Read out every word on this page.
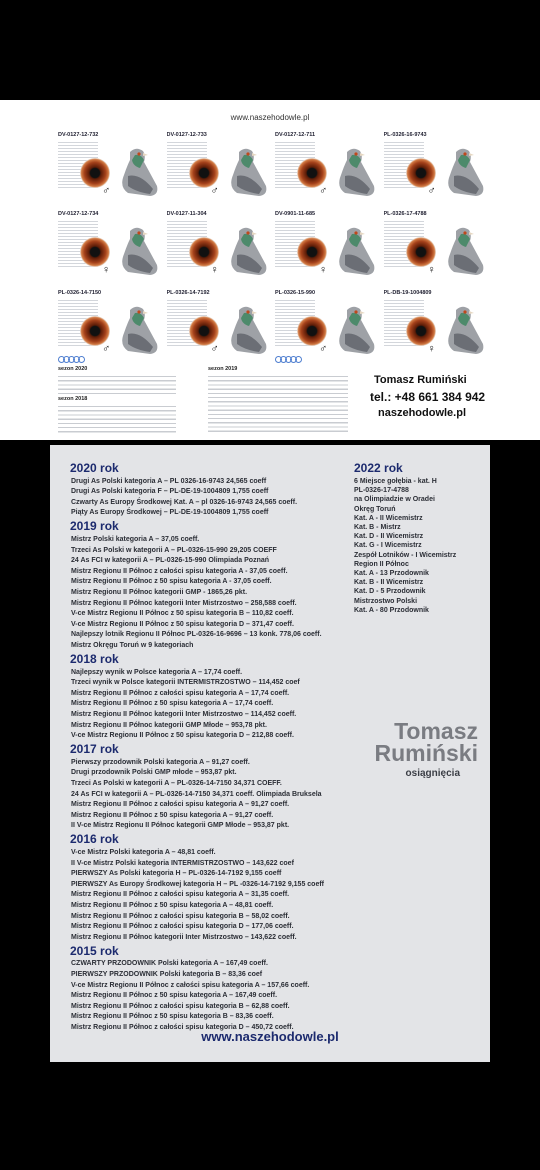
www.naszehodowle.pl
DV-0127-12-732
♂
DV-0127-12-733
♂
DV-0127-12-711
♂
PL-0326-16-9743
♂
DV-0127-12-734
♀
DV-0127-11-304
♀
DV-0901-11-685
♀
PL-0326-17-4788
♀
PL-0326-14-7150
♂
PL-0326-14-7192
♂
PL-0326-15-990
♂
PL-DB-19-1004809
♀
sezon 2020
sezon 2018
sezon 2019
Tomasz Rumiński
tel.: +48 661 384 942
naszehodowle.pl
2020 rok
Drugi As Polski kategoria A – PL 0326-16-9743 24,565 coeff
Drugi As Polski kategoria F – PL-DE-19-1004809 1,755 coeff
Czwarty As Europy Środkowej Kat. A – pl 0326-16-9743 24,565 coeff.
Piąty As Europy Środkowej – PL-DE-19-1004809 1,755 coeff
2019 rok
Mistrz Polski kategoria A – 37,05 coeff.
Trzeci As Polski w kategorii A – PL-0326-15-990 29,205 COEFF
24 As FCI w kategorii A – PL-0326-15-990 Olimpiada Poznań
Mistrz Regionu II Północ z całości spisu kategoria A - 37,05 coeff.
Mistrz Regionu II Północ z 50 spisu kategoria A - 37,05 coeff.
Mistrz Regionu II Północ kategorii GMP - 1865,26 pkt.
Mistrz Regionu II Północ kategorii Inter Mistrzostwo – 258,588 coeff.
V-ce Mistrz Regionu II Północ z 50 spisu kategoria B – 110,82 coeff.
V-ce Mistrz Regionu II Północ z 50 spisu kategoria D – 371,47 coeff.
Najlepszy lotnik Regionu II Północ PL-0326-16-9696 – 13 konk. 778,06 coeff.
Mistrz Okręgu Toruń w 9 kategoriach
2018 rok
Najlepszy wynik w Polsce kategoria A – 17,74 coeff.
Trzeci wynik w Polsce kategorii INTERMISTRZOSTWO – 114,452 coef
Mistrz Regionu II Północ z całości spisu kategoria A – 17,74 coeff.
Mistrz Regionu II Północ z 50 spisu kategoria A – 17,74 coeff.
Mistrz Regionu II Północ kategorii Inter Mistrzostwo – 114,452 coeff.
Mistrz Regionu II Północ kategorii GMP Młode – 953,78 pkt.
V-ce Mistrz Regionu II Północ z 50 spisu kategoria D – 212,88 coeff.
2017 rok
Pierwszy przodownik Polski kategoria A – 91,27 coeff.
Drugi przodownik Polski GMP młode – 953,87 pkt.
Trzeci As Polski w kategorii A – PL-0326-14-7150 34,371 COEFF.
24 As FCI w kategorii A – PL-0326-14-7150 34,371 coeff. Olimpiada Bruksela
Mistrz Regionu II Północ z całości spisu kategoria A – 91,27 coeff.
Mistrz Regionu II Północ z 50 spisu kategoria A – 91,27 coeff.
II V-ce Mistrz Regionu II Północ kategorii GMP Młode – 953,87 pkt.
2016 rok
V-ce Mistrz Polski kategoria A – 48,81 coeff.
II V-ce Mistrz Polski kategoria INTERMISTRZOSTWO – 143,622 coef
PIERWSZY As Polski kategoria H – PL-0326-14-7192 9,155 coeff
PIERWSZY As Europy Środkowej kategoria H – PL -0326-14-7192 9,155 coeff
Mistrz Regionu II Północ z całości spisu kategoria A – 31,35 coeff.
Mistrz Regionu II Północ z 50 spisu kategoria A – 48,81 coeff.
Mistrz Regionu II Północ z całości spisu kategoria B – 58,02 coeff.
Mistrz Regionu II Północ z całości spisu kategoria D – 177,06 coeff.
Mistrz Regionu II Północ kategorii Inter Mistrzostwo – 143,622 coeff.
2015 rok
CZWARTY PRZODOWNIK Polski kategoria A – 167,49 coeff.
PIERWSZY PRZODOWNIK Polski kategoria B – 83,36 coef
V-ce Mistrz Regionu II Północ z całości spisu kategoria A – 157,66 coeff.
Mistrz Regionu II Północ z 50 spisu kategoria A – 167,49 coeff.
Mistrz Regionu II Północ z całości spisu kategoria B – 62,88 coeff.
Mistrz Regionu II Północ z 50 spisu kategoria B – 83,36 coeff.
Mistrz Regionu II Północ z całości spisu kategoria D – 450,72 coeff.
2022 rok
6 Miejsce gołębia - kat. H
PL-0326-17-4788
na Olimpiadzie w Oradei
Okręg Toruń
Kat. A - II Wicemistrz
Kat. B - Mistrz
Kat. D - II Wicemistrz
Kat. G - I Wicemistrz
Zespół Lotników - I Wicemistrz
Region II Północ
Kat. A - 13 Przodownik
Kat. B - II Wicemistrz
Kat. D - 5 Przodownik
Mistrzostwo Polski
Kat. A - 80 Przodownik
Tomasz
Rumiński
osiągnięcia
www.naszehodowle.pl
